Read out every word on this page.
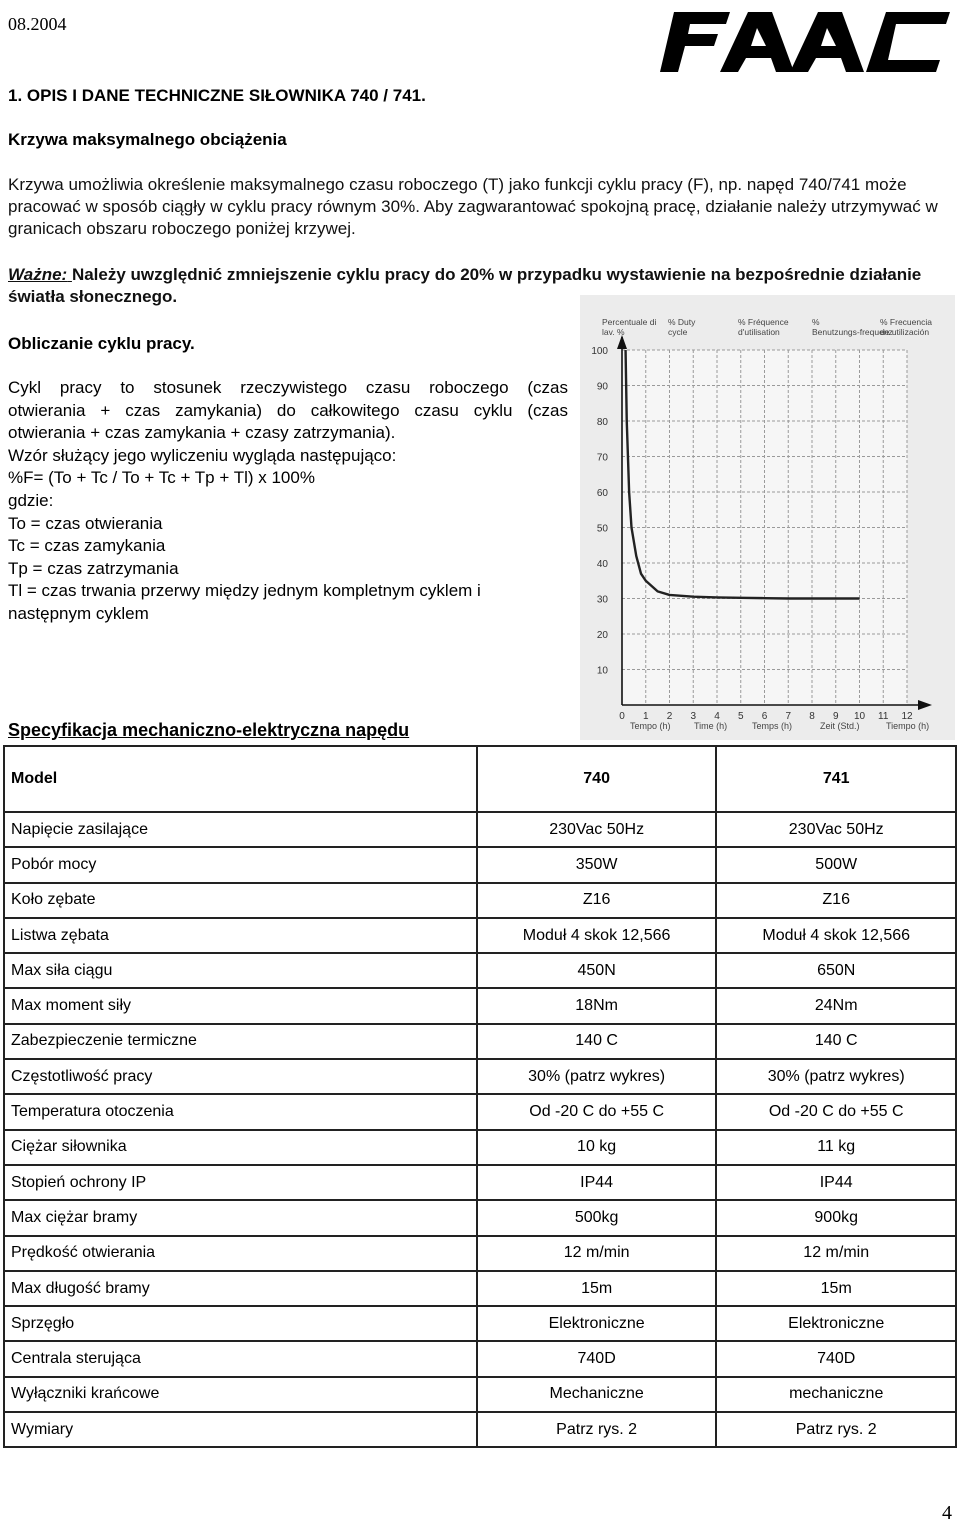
08.2004
1. OPIS I DANE TECHNICZNE SIŁOWNIKA 740 / 741.
Krzywa maksymalnego obciążenia
Krzywa umożliwia określenie maksymalnego czasu roboczego (T) jako funkcji cyklu pracy (F), np. napęd 740/741 może pracować w sposób ciągły w cyklu pracy równym 30%. Aby zagwarantować spokojną pracę, działanie należy utrzymywać w granicach obszaru roboczego poniżej krzywej.
Ważne: Należy uwzględnić zmniejszenie cyklu pracy do 20% w przypadku wystawienie na bezpośrednie działanie światła słonecznego.
Obliczanie cyklu pracy.
Cykl pracy to stosunek rzeczywistego czasu roboczego (czas
otwierania + czas zamykania) do całkowitego czasu cyklu (czas
otwierania + czas zamykania + czasy zatrzymania).
Wzór służący jego wyliczeniu wygląda następująco:
%F= (To + Tc / To + Tc + Tp + Tl) x 100%
gdzie:
To = czas otwierania
Tc = czas zamykania
Tp = czas zatrzymania
Tl = czas trwania przerwy między jednym kompletnym cyklem i
następnym cyklem
10
20
30
40
50
60
70
80
90
100
0 1 2 3 4 5 6 7 8 9 10 11 12
Percentuale di lav. %
% Duty cycle
% Fréquence d'utilisation
% Benutzungs-frequenz
% Frecuencia de utilización
Tempo (h)	Time (h)	Temps (h)	Zeit (Std.)	Tiempo (h)
Specyfikacja mechaniczno-elektryczna napędu
Model	740	741
Napięcie zasilające	230Vac 50Hz	230Vac 50Hz
Pobór mocy	350W	500W
Koło zębate	Z16	Z16
Listwa zębata	Moduł 4 skok 12,566	Moduł 4 skok 12,566
Max siła ciągu	450N	650N
Max moment siły	18Nm	24Nm
Zabezpieczenie termiczne	140 C	140 C
Częstotliwość pracy	30% (patrz wykres)	30% (patrz wykres)
Temperatura otoczenia	Od -20 C do +55 C	Od -20 C do +55 C
Ciężar siłownika	10 kg	11 kg
Stopień ochrony IP	IP44	IP44
Max ciężar bramy	500kg	900kg
Prędkość otwierania	12 m/min	12 m/min
Max długość bramy	15m	15m
Sprzęgło	Elektroniczne	Elektroniczne
Centrala sterująca	740D	740D
Wyłączniki krańcowe	Mechaniczne	mechaniczne
Wymiary	Patrz rys. 2	Patrz rys. 2
4
